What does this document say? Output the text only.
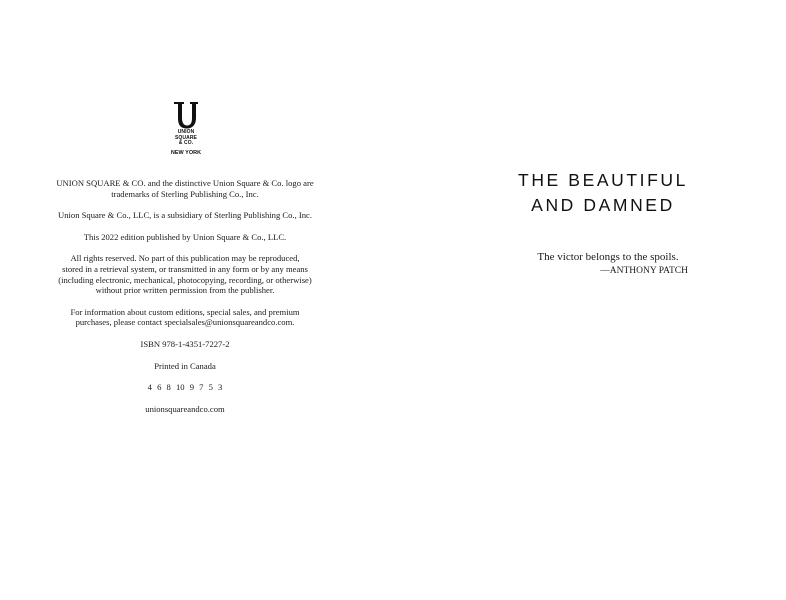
UNION
SQUARE
& CO.
NEW YORK

UNION SQUARE & CO. and the distinctive Union Square & Co. logo are
trademarks of Sterling Publishing Co., Inc.

Union Square & Co., LLC, is a subsidiary of Sterling Publishing Co., Inc.

This 2022 edition published by Union Square & Co., LLC.

All rights reserved. No part of this publication may be reproduced,
stored in a retrieval system, or transmitted in any form or by any means
(including electronic, mechanical, photocopying, recording, or otherwise)
without prior written permission from the publisher.

For information about custom editions, special sales, and premium
purchases, please contact specialsales@unionsquareandco.com.

ISBN 978-1-4351-7227-2

Printed in Canada

4 6 8 10 9 7 5 3

unionsquareandco.com

THE BEAUTIFUL
AND DAMNED
The victor belongs to the spoils.
—ANTHONY PATCH
